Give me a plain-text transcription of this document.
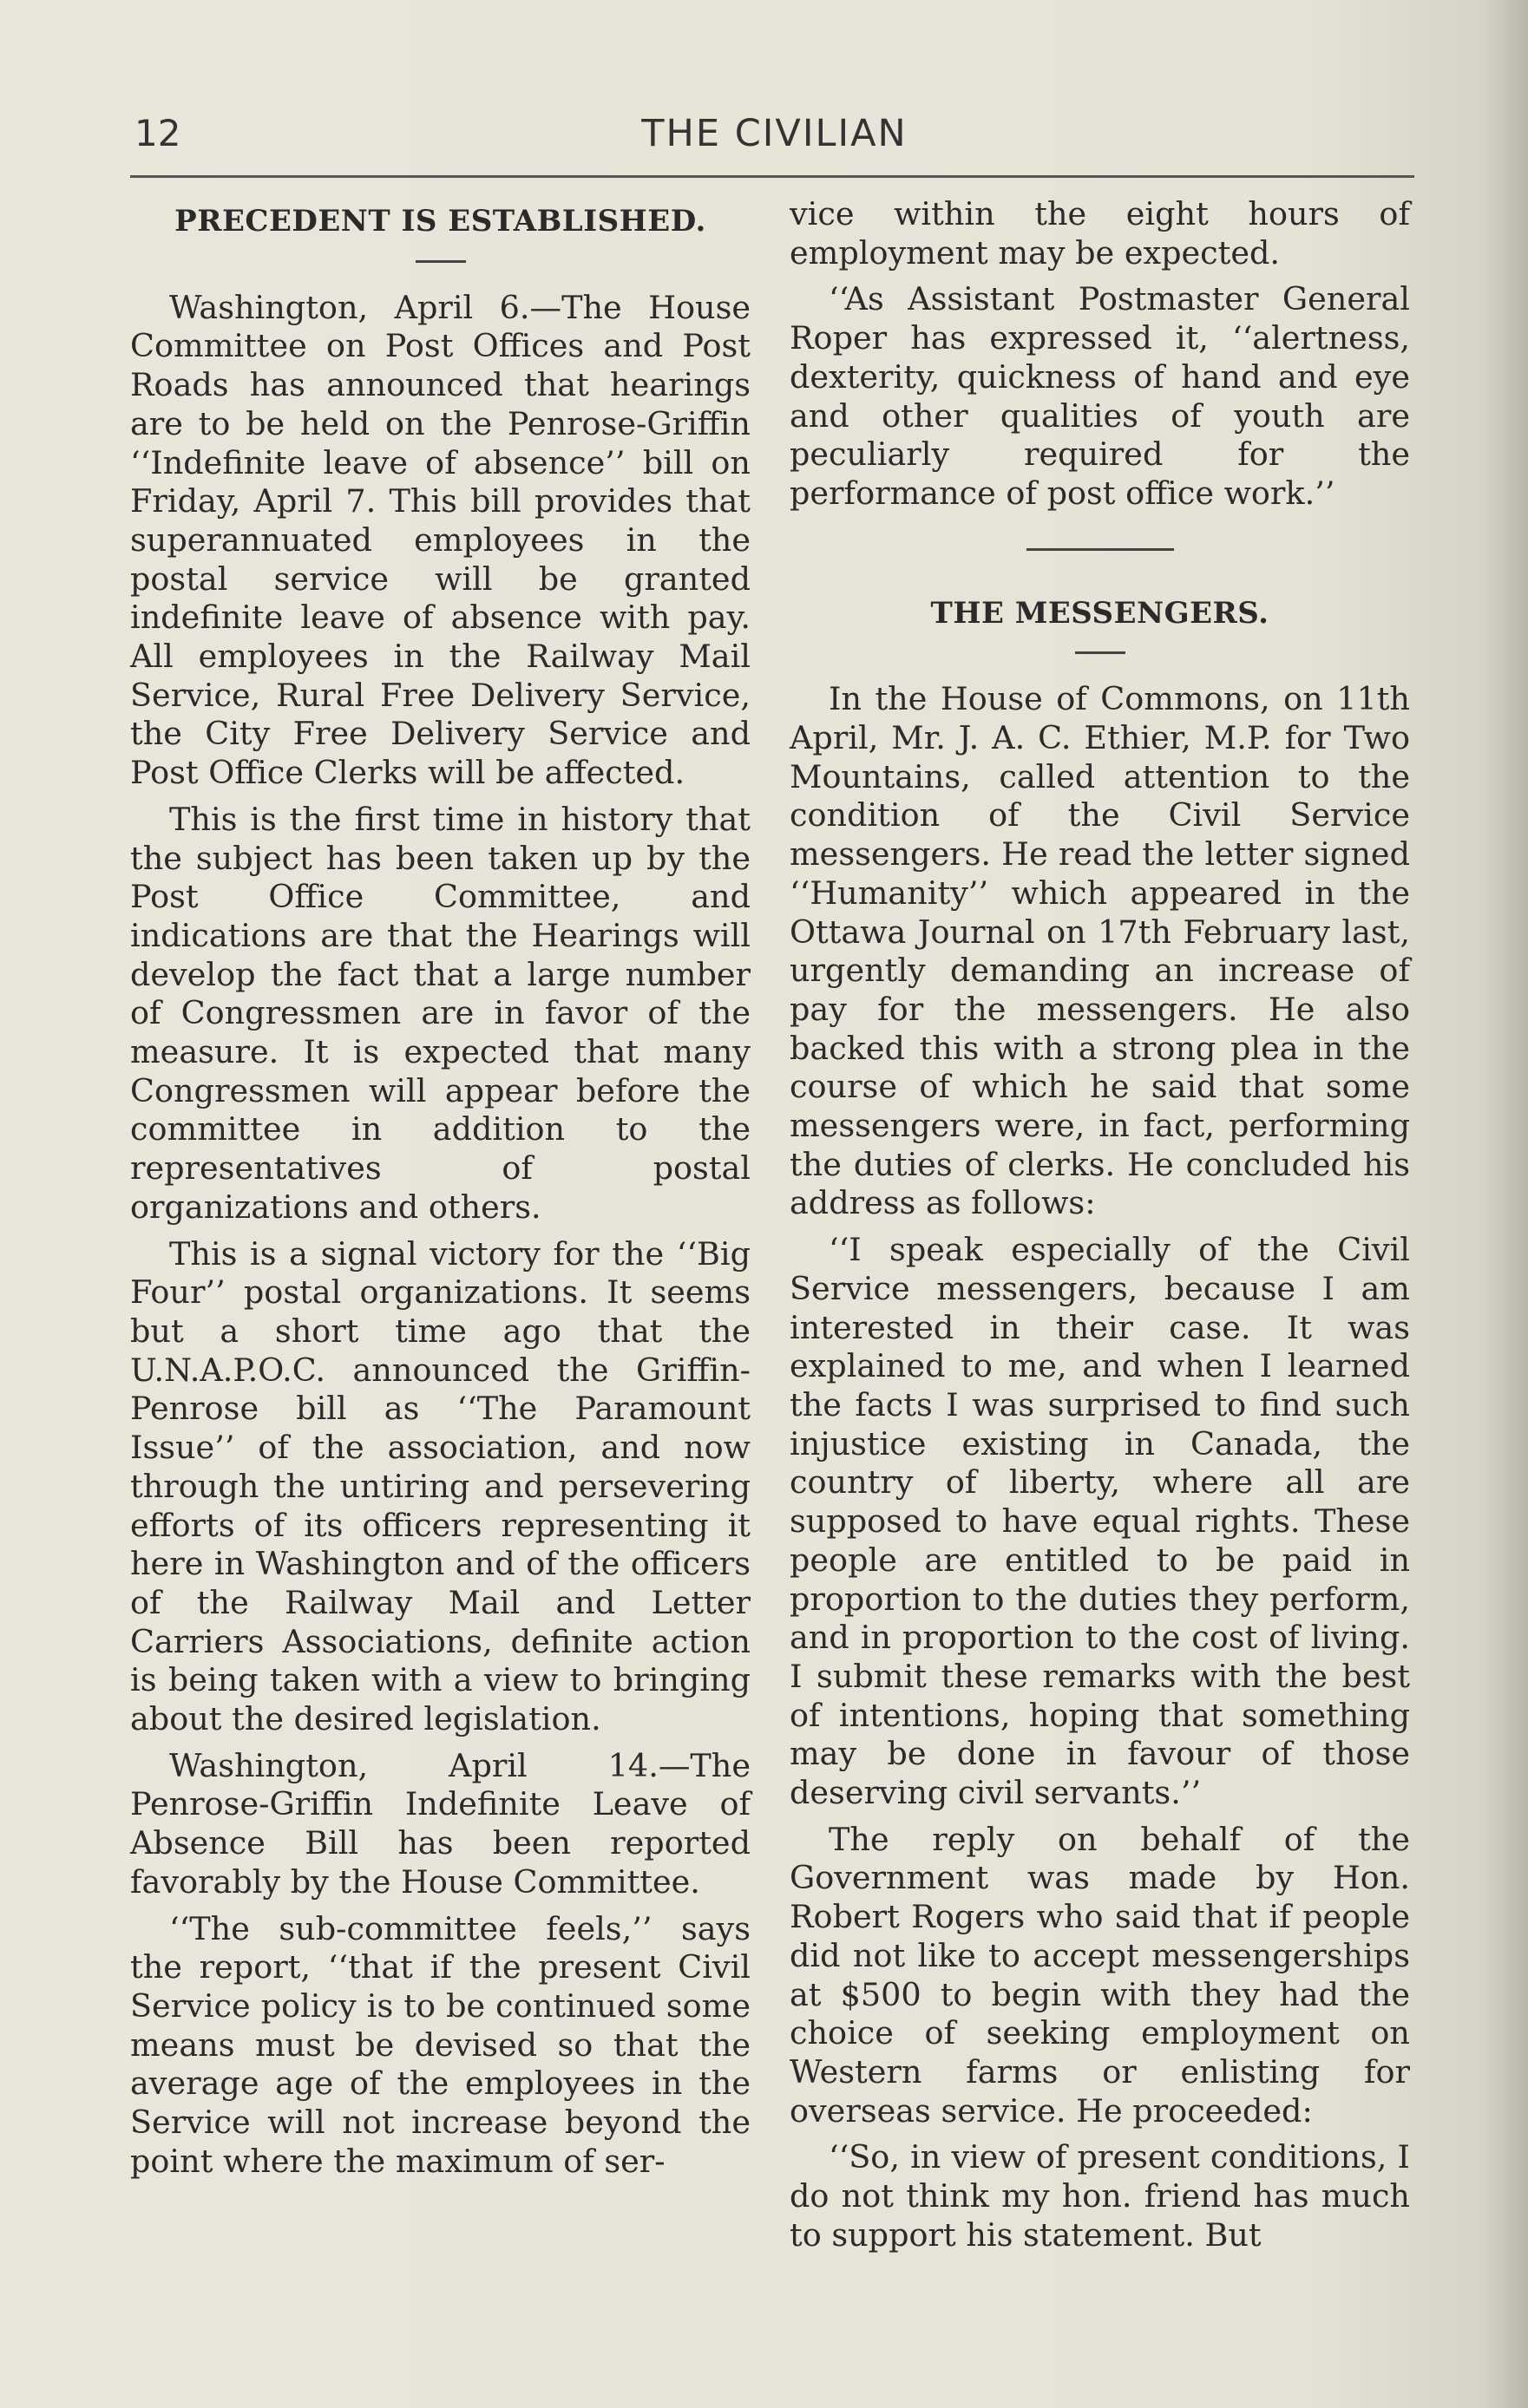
12	THE CIVILIAN
PRECEDENT IS ESTABLISHED.

Washington, April 6.—The House Committee on Post Offices and Post Roads has announced that hearings are to be held on the Penrose-Griffin ‘‘Indefinite leave of absence’’ bill on Friday, April 7. This bill provides that superannuated employees in the postal service will be granted indefinite leave of absence with pay. All employees in the Railway Mail Service, Rural Free Delivery Service, the City Free Delivery Service and Post Office Clerks will be affected.

This is the first time in history that the subject has been taken up by the Post Office Committee, and indications are that the Hearings will develop the fact that a large number of Congressmen are in favor of the measure. It is expected that many Congressmen will appear before the committee in addition to the representatives of postal organizations and others.

This is a signal victory for the ‘‘Big Four’’ postal organizations. It seems but a short time ago that the U.N.A.P.O.C. announced the Griffin-Penrose bill as ‘‘The Paramount Issue’’ of the association, and now through the untiring and persevering efforts of its officers representing it here in Washington and of the officers of the Railway Mail and Letter Carriers Associations, definite action is being taken with a view to bringing about the desired legislation.

Washington, April 14.—The Penrose-Griffin Indefinite Leave of Absence Bill has been reported favorably by the House Committee.

‘‘The sub-committee feels,’’ says the report, ‘‘that if the present Civil Service policy is to be continued some means must be devised so that the average age of the employees in the Service will not increase beyond the point where the maximum of ser-

vice within the eight hours of employment may be expected.

‘‘As Assistant Postmaster General Roper has expressed it, ‘‘alertness, dexterity, quickness of hand and eye and other qualities of youth are peculiarly required for the performance of post office work.’’

THE MESSENGERS.

In the House of Commons, on 11th April, Mr. J. A. C. Ethier, M.P. for Two Mountains, called attention to the condition of the Civil Service messengers. He read the letter signed ‘‘Humanity’’ which appeared in the Ottawa Journal on 17th February last, urgently demanding an increase of pay for the messengers. He also backed this with a strong plea in the course of which he said that some messengers were, in fact, performing the duties of clerks. He concluded his address as follows:

‘‘I speak especially of the Civil Service messengers, because I am interested in their case. It was explained to me, and when I learned the facts I was surprised to find such injustice existing in Canada, the country of liberty, where all are supposed to have equal rights. These people are entitled to be paid in proportion to the duties they perform, and in proportion to the cost of living. I submit these remarks with the best of intentions, hoping that something may be done in favour of those deserving civil servants.’’

The reply on behalf of the Government was made by Hon. Robert Rogers who said that if people did not like to accept messengerships at $500 to begin with they had the choice of seeking employment on Western farms or enlisting for overseas service. He proceeded:

‘‘So, in view of present conditions, I do not think my hon. friend has much to support his statement. But
